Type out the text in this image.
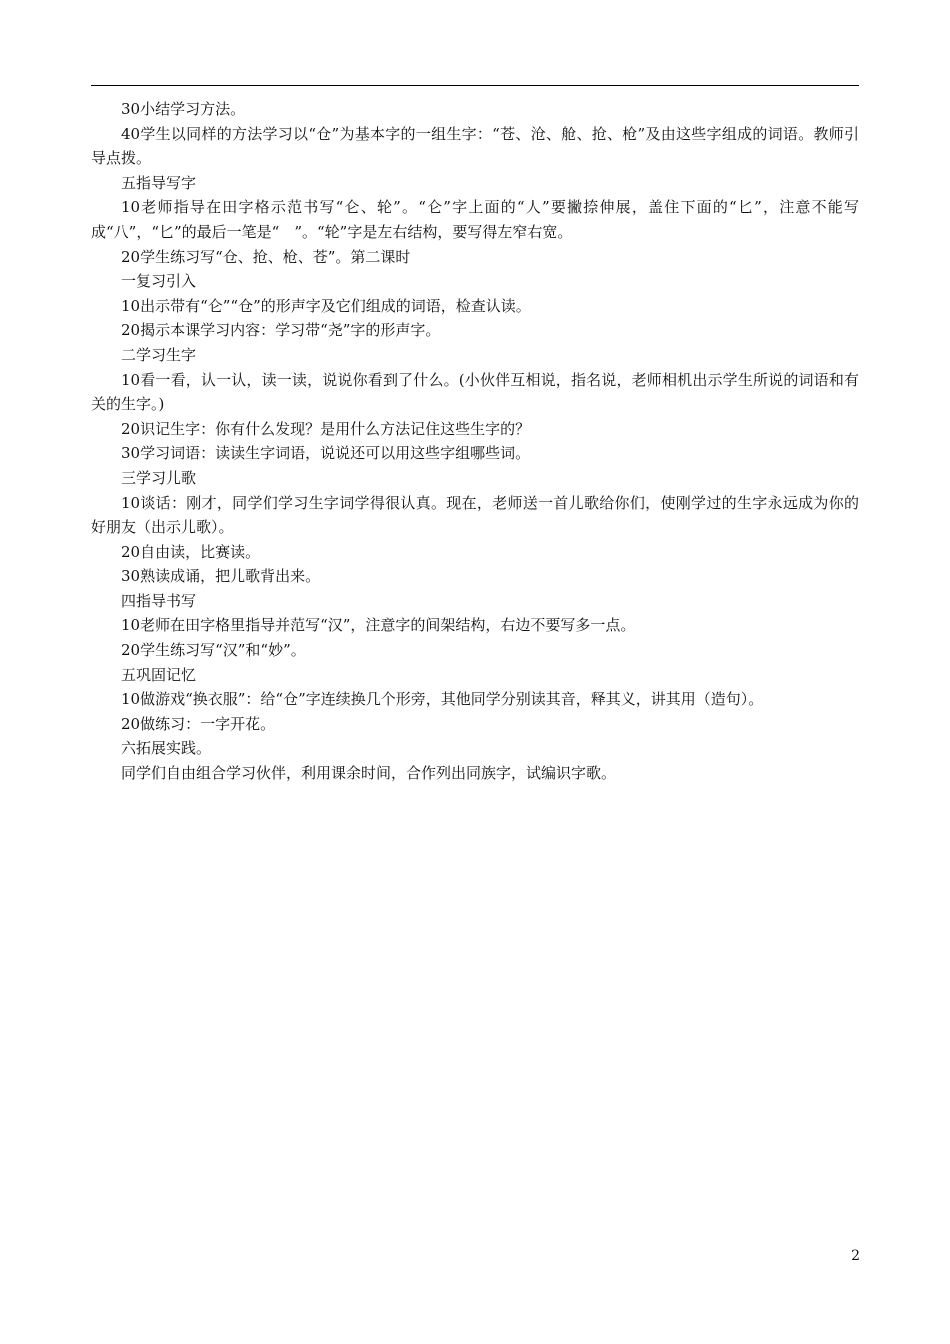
30小结学习方法。

40学生以同样的方法学习以“仓”为基本字的一组生字：“苍、沧、舱、抢、枪”及由这些字组成的词语。教师引导点拨。

五指导写字

10老师指导在田字格示范书写“仑、轮”。“仑”字上面的“人”要撇捺伸展，盖住下面的“匕”，注意不能写成“八”，“匕”的最后一笔是“　”。“轮”字是左右结构，要写得左窄右宽。

20学生练习写“仓、抢、枪、苍”。第二课时

一复习引入

10出示带有“仑”“仓”的形声字及它们组成的词语，检查认读。

20揭示本课学习内容：学习带“尧”字的形声字。

二学习生字

10看一看，认一认，读一读，说说你看到了什么。(小伙伴互相说，指名说，老师相机出示学生所说的词语和有关的生字。)

20识记生字：你有什么发现？是用什么方法记住这些生字的？

30学习词语：读读生字词语，说说还可以用这些字组哪些词。

三学习儿歌

10谈话：刚才，同学们学习生字词学得很认真。现在，老师送一首儿歌给你们，使刚学过的生字永远成为你的好朋友（出示儿歌）。

20自由读，比赛读。

30熟读成诵，把儿歌背出来。

四指导书写

10老师在田字格里指导并范写“汉”，注意字的间架结构，右边不要写多一点。

20学生练习写“汉”和“妙”。

五巩固记忆

10做游戏“换衣服”：给“仓”字连续换几个形旁，其他同学分别读其音，释其义，讲其用（造句）。

20做练习：一字开花。

六拓展实践。

同学们自由组合学习伙伴，利用课余时间，合作列出同族字，试编识字歌。

2
